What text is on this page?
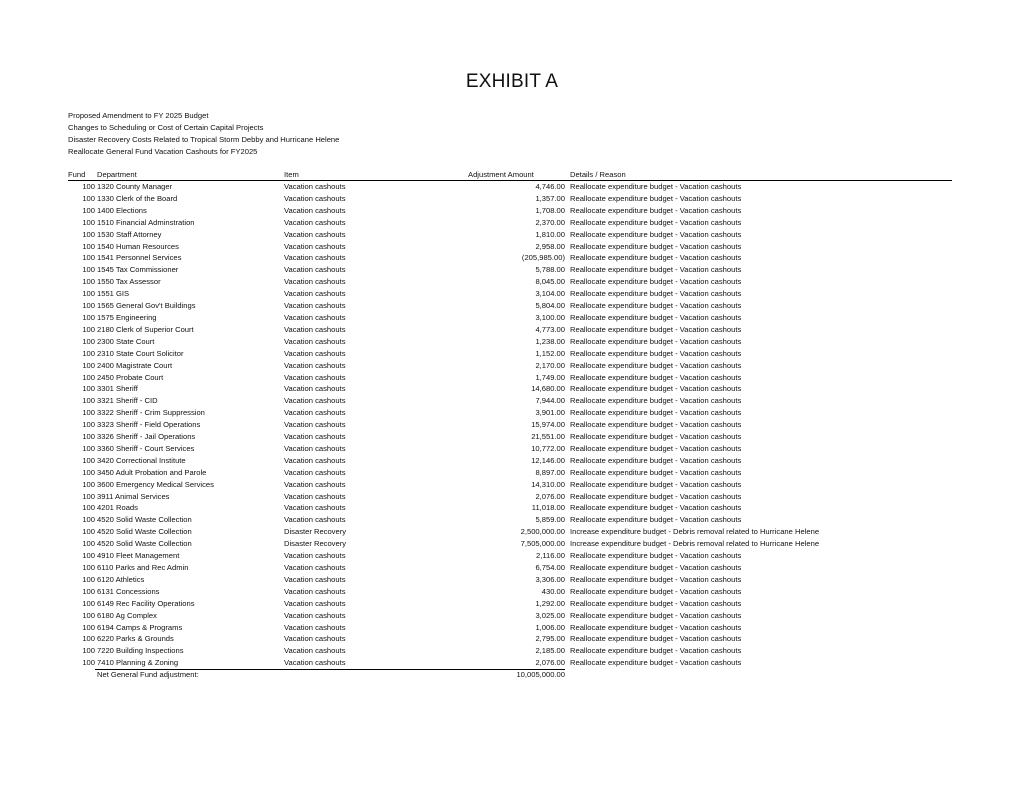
EXHIBIT A
Proposed Amendment to FY 2025 Budget
Changes to Scheduling or Cost of Certain Capital Projects
Disaster Recovery Costs Related to Tropical Storm Debby and Hurricane Helene
Reallocate General Fund Vacation Cashouts for FY2025
Fund Department	Item	Adjustment Amount	Details / Reason
100 1320 County Manager	Vacation cashouts	4,746.00 Reallocate expenditure budget - Vacation cashouts
100 1330 Clerk of the Board	Vacation cashouts	1,357.00 Reallocate expenditure budget - Vacation cashouts
100 1400 Elections	Vacation cashouts	1,708.00 Reallocate expenditure budget - Vacation cashouts
100 1510 Financial Adminstration	Vacation cashouts	2,370.00 Reallocate expenditure budget - Vacation cashouts
100 1530 Staff Attorney	Vacation cashouts	1,810.00 Reallocate expenditure budget - Vacation cashouts
100 1540 Human Resources	Vacation cashouts	2,958.00 Reallocate expenditure budget - Vacation cashouts
100 1541 Personnel Services	Vacation cashouts	(205,985.00) Reallocate expenditure budget - Vacation cashouts
100 1545 Tax Commissioner	Vacation cashouts	5,788.00 Reallocate expenditure budget - Vacation cashouts
100 1550 Tax Assessor	Vacation cashouts	8,045.00 Reallocate expenditure budget - Vacation cashouts
100 1551 GIS	Vacation cashouts	3,104.00 Reallocate expenditure budget - Vacation cashouts
100 1565 General Gov't Buildings	Vacation cashouts	5,804.00 Reallocate expenditure budget - Vacation cashouts
100 1575 Engineering	Vacation cashouts	3,100.00 Reallocate expenditure budget - Vacation cashouts
100 2180 Clerk of Superior Court	Vacation cashouts	4,773.00 Reallocate expenditure budget - Vacation cashouts
100 2300 State Court	Vacation cashouts	1,238.00 Reallocate expenditure budget - Vacation cashouts
100 2310 State Court Solicitor	Vacation cashouts	1,152.00 Reallocate expenditure budget - Vacation cashouts
100 2400 Magistrate Court	Vacation cashouts	2,170.00 Reallocate expenditure budget - Vacation cashouts
100 2450 Probate Court	Vacation cashouts	1,749.00 Reallocate expenditure budget - Vacation cashouts
100 3301 Sheriff	Vacation cashouts	14,680.00 Reallocate expenditure budget - Vacation cashouts
100 3321 Sheriff - CID	Vacation cashouts	7,944.00 Reallocate expenditure budget - Vacation cashouts
100 3322 Sheriff - Crim Suppression	Vacation cashouts	3,901.00 Reallocate expenditure budget - Vacation cashouts
100 3323 Sheriff - Field Operations	Vacation cashouts	15,974.00 Reallocate expenditure budget - Vacation cashouts
100 3326 Sheriff - Jail Operations	Vacation cashouts	21,551.00 Reallocate expenditure budget - Vacation cashouts
100 3360 Sheriff - Court Services	Vacation cashouts	10,772.00 Reallocate expenditure budget - Vacation cashouts
100 3420 Correctional Institute	Vacation cashouts	12,146.00 Reallocate expenditure budget - Vacation cashouts
100 3450 Adult Probation and Parole	Vacation cashouts	8,897.00 Reallocate expenditure budget - Vacation cashouts
100 3600 Emergency Medical Services	Vacation cashouts	14,310.00 Reallocate expenditure budget - Vacation cashouts
100 3911 Animal Services	Vacation cashouts	2,076.00 Reallocate expenditure budget - Vacation cashouts
100 4201 Roads	Vacation cashouts	11,018.00 Reallocate expenditure budget - Vacation cashouts
100 4520 Solid Waste Collection	Vacation cashouts	5,859.00 Reallocate expenditure budget - Vacation cashouts
100 4520 Solid Waste Collection	Disaster Recovery	2,500,000.00 Increase expenditure budget - Debris removal related to Hurricane Helene
100 4520 Solid Waste Collection	Disaster Recovery	7,505,000.00 Increase expenditure budget - Debris removal related to Hurricane Helene
100 4910 Fleet Management	Vacation cashouts	2,116.00 Reallocate expenditure budget - Vacation cashouts
100 6110 Parks and Rec Admin	Vacation cashouts	6,754.00 Reallocate expenditure budget - Vacation cashouts
100 6120 Athletics	Vacation cashouts	3,306.00 Reallocate expenditure budget - Vacation cashouts
100 6131 Concessions	Vacation cashouts	430.00 Reallocate expenditure budget - Vacation cashouts
100 6149 Rec Facility Operations	Vacation cashouts	1,292.00 Reallocate expenditure budget - Vacation cashouts
100 6180 Ag Complex	Vacation cashouts	3,025.00 Reallocate expenditure budget - Vacation cashouts
100 6194 Camps & Programs	Vacation cashouts	1,006.00 Reallocate expenditure budget - Vacation cashouts
100 6220 Parks & Grounds	Vacation cashouts	2,795.00 Reallocate expenditure budget - Vacation cashouts
100 7220 Building Inspections	Vacation cashouts	2,185.00 Reallocate expenditure budget - Vacation cashouts
100 7410 Planning & Zoning	Vacation cashouts	2,076.00 Reallocate expenditure budget - Vacation cashouts
Net General Fund adjustment:	10,005,000.00
